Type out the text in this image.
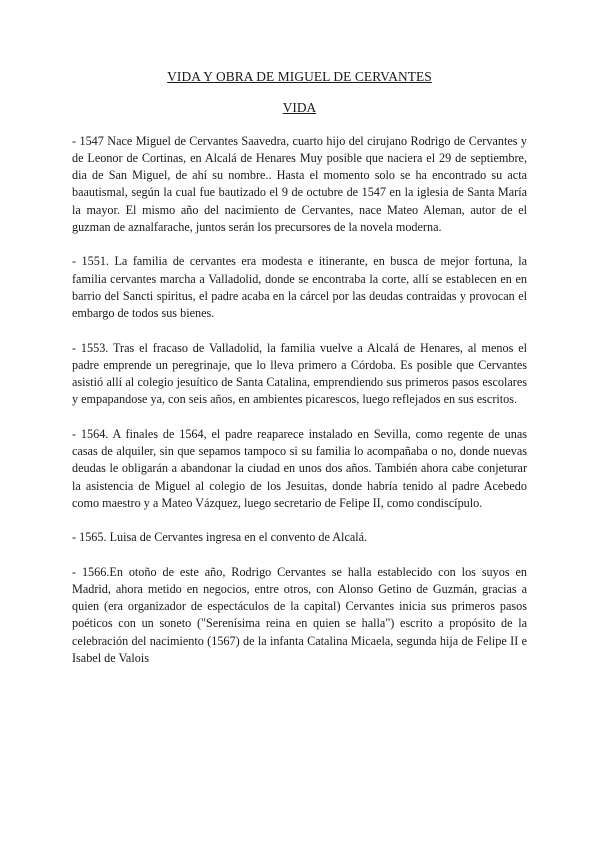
VIDA Y OBRA DE MIGUEL DE CERVANTES
VIDA

- 1547 Nace Miguel de Cervantes Saavedra, cuarto hijo del cirujano Rodrigo de Cervantes y de Leonor de Cortinas, en Alcalá de Henares Muy posible que naciera el 29 de septiembre, dia de San Miguel, de ahí su nombre.. Hasta el momento solo se ha encontrado su acta baautismal, según la cual fue bautizado el 9 de octubre de 1547 en la iglesia de Santa María la mayor. El mismo año del nacimiento de Cervantes, nace Mateo Aleman, autor de el guzman de aznalfarache, juntos serán los precursores de la novela moderna.

- 1551. La familia de cervantes era modesta e itinerante, en busca de mejor fortuna, la familia cervantes marcha a Valladolid, donde se encontraba la corte, allí se establecen en en barrio del Sancti spiritus, el padre acaba en la cárcel por las deudas contraidas y provocan el embargo de todos sus bienes.

- 1553. Tras el fracaso de Valladolid, la familia vuelve a Alcalá de Henares, al menos el padre emprende un peregrinaje, que lo lleva primero a Córdoba. Es posible que Cervantes asistió allí al colegio jesuítico de Santa Catalina, emprendiendo sus primeros pasos escolares y empapandose ya, con seis años, en ambientes picarescos, luego reflejados en sus escritos.

- 1564. A finales de 1564, el padre reaparece instalado en Sevilla, como regente de unas casas de alquiler, sin que sepamos tampoco si su familia lo acompañaba o no, donde nuevas deudas le obligarán a abandonar la ciudad en unos dos años. También ahora cabe conjeturar la asistencia de Miguel al colegio de los Jesuitas, donde habría tenido al padre Acebedo como maestro y a Mateo Vázquez, luego secretario de Felipe II, como condiscípulo.

- 1565. Luisa de Cervantes ingresa en el convento de Alcalá.

- 1566.En otoño de este año, Rodrigo Cervantes se halla establecido con los suyos en Madrid, ahora metido en negocios, entre otros, con Alonso Getino de Guzmán, gracias a quien (era organizador de espectáculos de la capital) Cervantes inicia sus primeros pasos poéticos con un soneto ("Serenísima reina en quien se halla") escrito a propósito de la celebración del nacimiento (1567) de la infanta Catalina Micaela, segunda hija de Felipe II e Isabel de Valois
